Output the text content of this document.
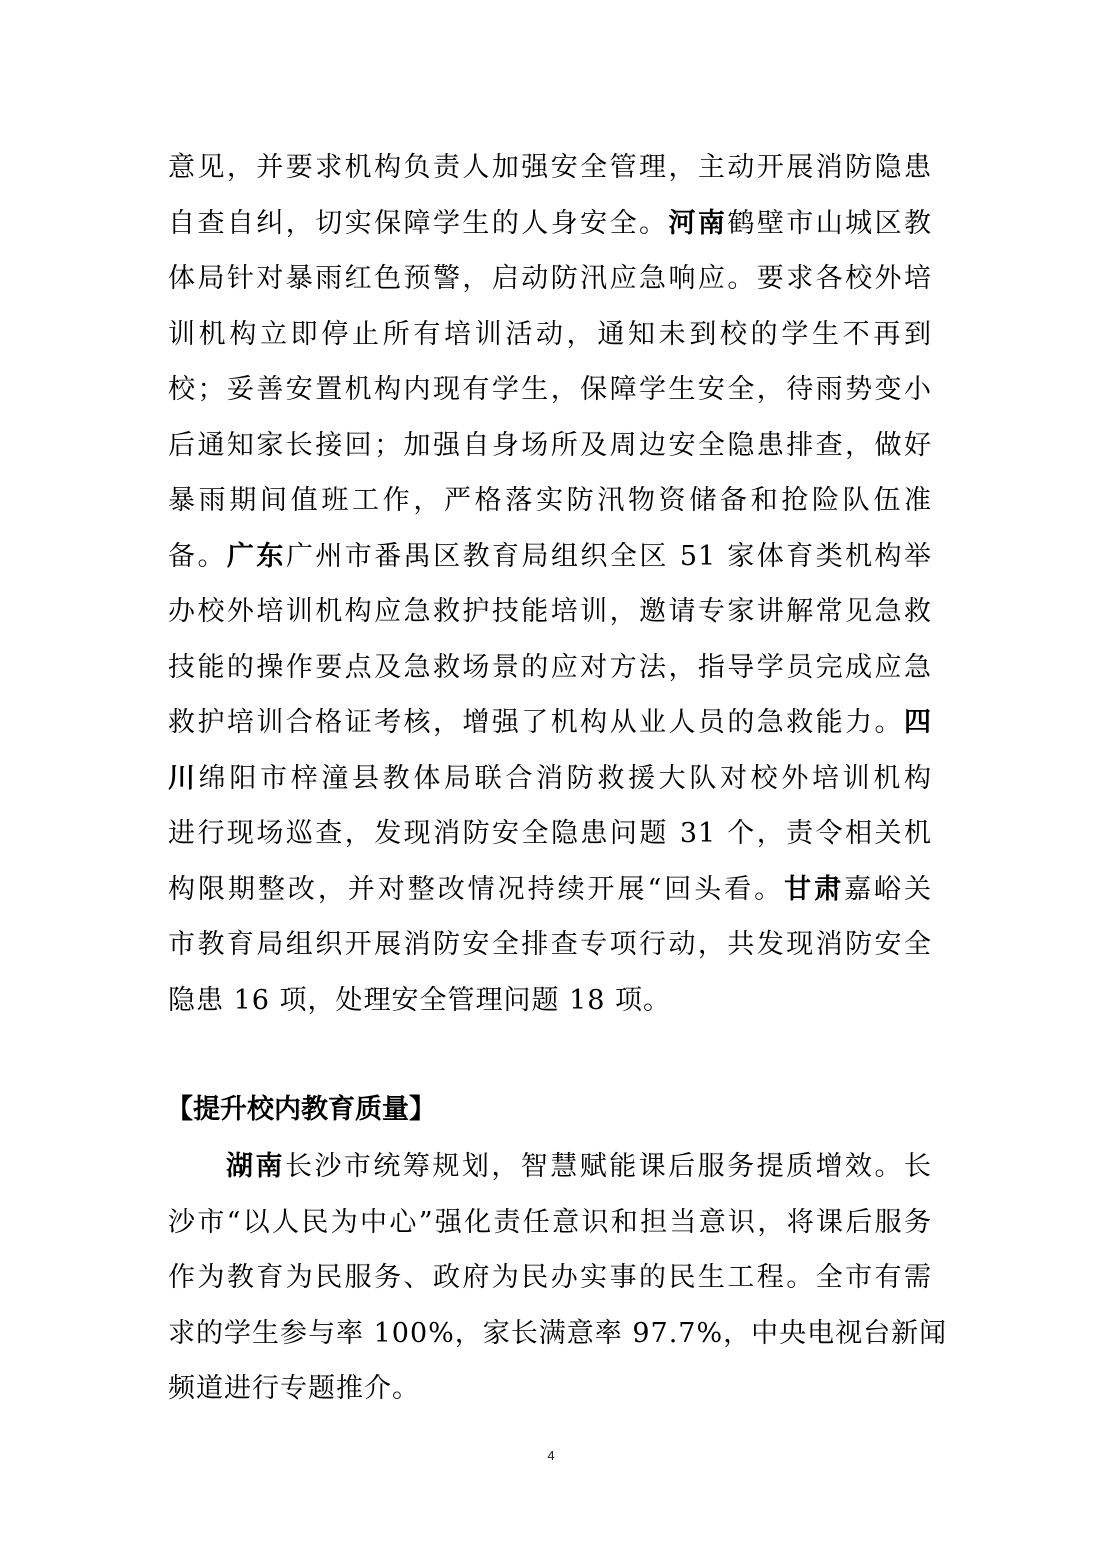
意见，并要求机构负责人加强安全管理，主动开展消防隐患
自查自纠，切实保障学生的人身安全。河南鹤壁市山城区教
体局针对暴雨红色预警，启动防汛应急响应。要求各校外培
训机构立即停止所有培训活动，通知未到校的学生不再到
校；妥善安置机构内现有学生，保障学生安全，待雨势变小
后通知家长接回；加强自身场所及周边安全隐患排查，做好
暴雨期间值班工作，严格落实防汛物资储备和抢险队伍准
备。广东广州市番禺区教育局组织全区 51 家体育类机构举
办校外培训机构应急救护技能培训，邀请专家讲解常见急救
技能的操作要点及急救场景的应对方法，指导学员完成应急
救护培训合格证考核，增强了机构从业人员的急救能力。四
川绵阳市梓潼县教体局联合消防救援大队对校外培训机构
进行现场巡查，发现消防安全隐患问题 31 个，责令相关机
构限期整改，并对整改情况持续开展“回头看。甘肃嘉峪关
市教育局组织开展消防安全排查专项行动，共发现消防安全
隐患 16 项，处理安全管理问题 18 项。
【提升校内教育质量】
湖南长沙市统筹规划，智慧赋能课后服务提质增效。长
沙市“以人民为中心”强化责任意识和担当意识，将课后服务
作为教育为民服务、政府为民办实事的民生工程。全市有需
求的学生参与率 100%，家长满意率 97.7%，中央电视台新闻
频道进行专题推介。
4
